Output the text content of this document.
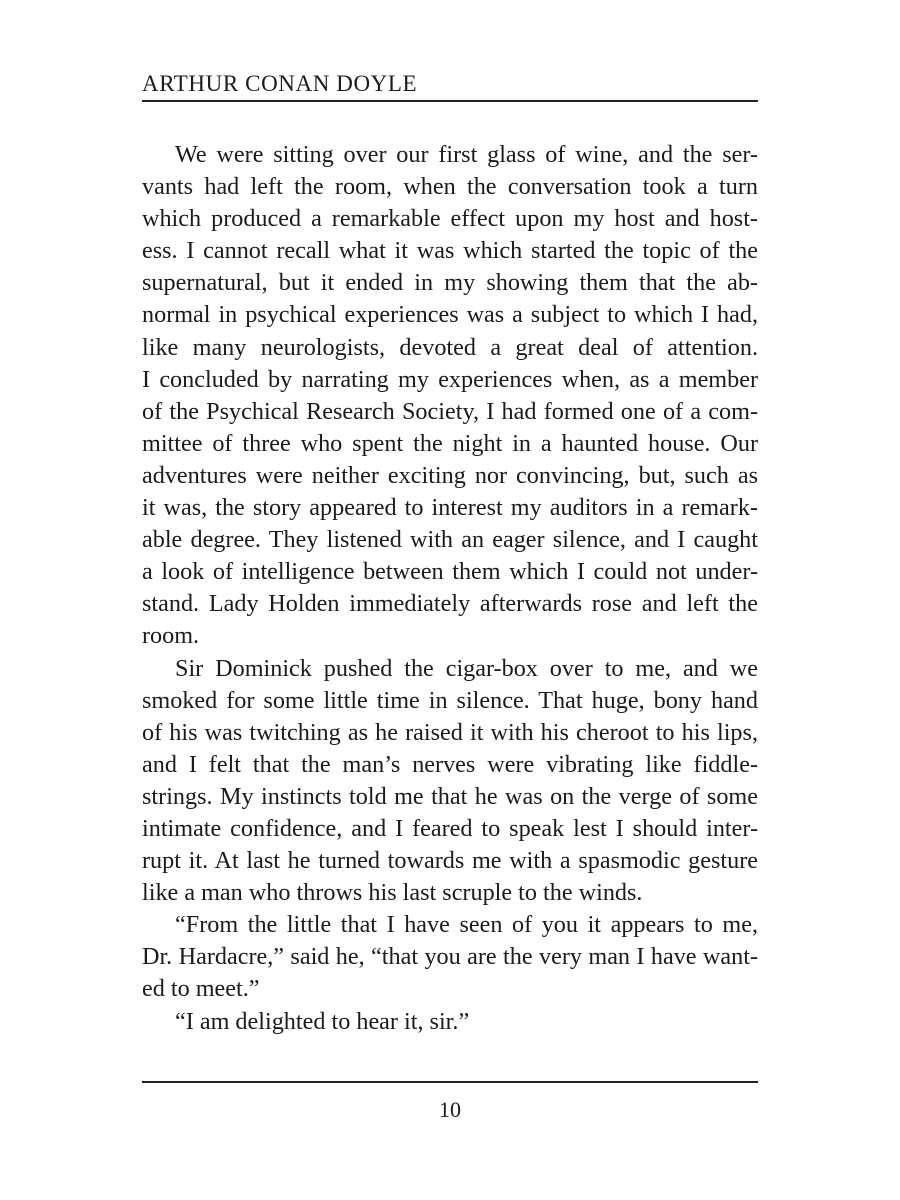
ARTHUR CONAN DOYLE
We were sitting over our first glass of wine, and the ser-
vants had left the room, when the conversation took a turn
which produced a remarkable effect upon my host and host-
ess. I cannot recall what it was which started the topic of the
supernatural, but it ended in my showing them that the ab-
normal in psychical experiences was a subject to which I had,
like many neurologists, devoted a great deal of attention.
I concluded by narrating my experiences when, as a member
of the Psychical Research Society, I had formed one of a com-
mittee of three who spent the night in a haunted house. Our
adventures were neither exciting nor convincing, but, such as
it was, the story appeared to interest my auditors in a remark-
able degree. They listened with an eager silence, and I caught
a look of intelligence between them which I could not under-
stand. Lady Holden immediately afterwards rose and left the
room.
Sir Dominick pushed the cigar-box over to me, and we
smoked for some little time in silence. That huge, bony hand
of his was twitching as he raised it with his cheroot to his lips,
and I felt that the man’s nerves were vibrating like fiddle-
strings. My instincts told me that he was on the verge of some
intimate confidence, and I feared to speak lest I should inter-
rupt it. At last he turned towards me with a spasmodic gesture
like a man who throws his last scruple to the winds.
“From the little that I have seen of you it appears to me,
Dr. Hardacre,” said he, “that you are the very man I have want-
ed to meet.”
“I am delighted to hear it, sir.”
10
